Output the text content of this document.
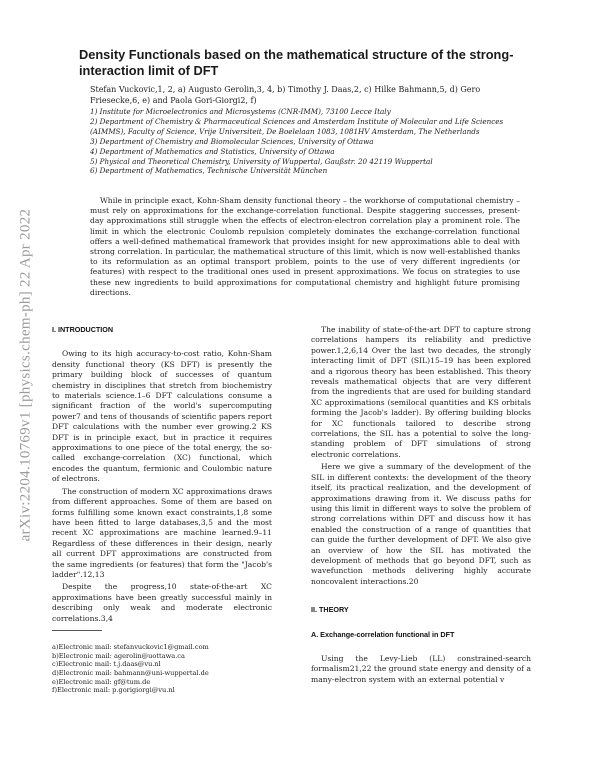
arXiv:2204.10769v1 [physics.chem-ph] 22 Apr 2022
Density Functionals based on the mathematical structure of the strong-interaction limit of DFT
Stefan Vuckovic,1, 2, a) Augusto Gerolin,3, 4, b) Timothy J. Daas,2, c) Hilke Bahmann,5, d) Gero Friesecke,6, e) and Paola Gori-Giorgi2, f)
1) Institute for Microelectronics and Microsystems (CNR-IMM), 73100 Lecce Italy
2) Department of Chemistry & Pharmaceutical Sciences and Amsterdam Institute of Molecular and Life Sciences (AIMMS), Faculty of Science, Vrije Universiteit, De Boelelaan 1083, 1081HV Amsterdam, The Netherlands
3) Department of Chemistry and Biomolecular Sciences, University of Ottawa
4) Department of Mathematics and Statistics, University of Ottawa
5) Physical and Theoretical Chemistry, University of Wuppertal, Gaußstr. 20 42119 Wuppertal
6) Department of Mathematics, Technische Universität München

While in principle exact, Kohn-Sham density functional theory – the workhorse of computational chemistry – must rely on approximations for the exchange-correlation functional. Despite staggering successes, present-day approximations still struggle when the effects of electron-electron correlation play a prominent role. The limit in which the electronic Coulomb repulsion completely dominates the exchange-correlation functional offers a well-defined mathematical framework that provides insight for new approximations able to deal with strong correlation. In particular, the mathematical structure of this limit, which is now well-established thanks to its reformulation as an optimal transport problem, points to the use of very different ingredients (or features) with respect to the traditional ones used in present approximations. We focus on strategies to use these new ingredients to build approximations for computational chemistry and highlight future promising directions.

I. INTRODUCTION

Owing to its high accuracy-to-cost ratio, Kohn-Sham density functional theory (KS DFT) is presently the primary building block of successes of quantum chemistry in disciplines that stretch from biochemistry to materials science.1–6 DFT calculations consume a significant fraction of the world's supercomputing power7 and tens of thousands of scientific papers report DFT calculations with the number ever growing.2 KS DFT is in principle exact, but in practice it requires approximations to one piece of the total energy, the so-called exchange-correlation (XC) functional, which encodes the quantum, fermionic and Coulombic nature of electrons.

The construction of modern XC approximations draws from different approaches. Some of them are based on forms fulfilling some known exact constraints,1,8 some have been fitted to large databases,3,5 and the most recent XC approximations are machine learned.9–11 Regardless of these differences in their design, nearly all current DFT approximations are constructed from the same ingredients (or features) that form the "Jacob's ladder".12,13

Despite the progress,10 state-of-the-art XC approximations have been greatly successful mainly in describing only weak and moderate electronic correlations.3,4

a)Electronic mail: stefanvuckovic1@gmail.com
b)Electronic mail: agerolin@uottawa.ca
c)Electronic mail: t.j.daas@vu.nl
d)Electronic mail: bahmann@uni-wuppertal.de
e)Electronic mail: gf@tum.de
f)Electronic mail: p.gorigiorgi@vu.nl

The inability of state-of-the-art DFT to capture strong correlations hampers its reliability and predictive power.1,2,6,14 Over the last two decades, the strongly interacting limit of DFT (SIL)15–19 has been explored and a rigorous theory has been established. This theory reveals mathematical objects that are very different from the ingredients that are used for building standard XC approximations (semilocal quantities and KS orbitals forming the Jacob's ladder). By offering building blocks for XC functionals tailored to describe strong correlations, the SIL has a potential to solve the long-standing problem of DFT simulations of strong electronic correlations.

Here we give a summary of the development of the SIL in different contexts: the development of the theory itself, its practical realization, and the development of approximations drawing from it. We discuss paths for using this limit in different ways to solve the problem of strong correlations within DFT and discuss how it has enabled the construction of a range of quantities that can guide the further development of DFT. We also give an overview of how the SIL has motivated the development of methods that go beyond DFT, such as wavefunction methods delivering highly accurate noncovalent interactions.20

II. THEORY
A. Exchange-correlation functional in DFT

Using the Levy-Lieb (LL) constrained-search formalism21,22 the ground state energy and density of a many-electron system with an external potential v
